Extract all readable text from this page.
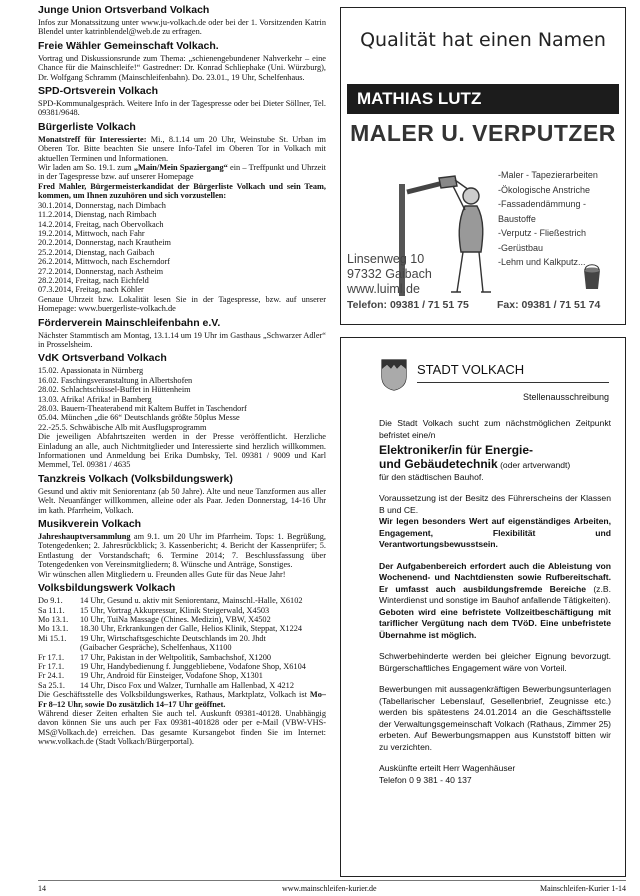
Junge Union Ortsverband Volkach

Infos zur Monatssitzung unter www.ju-volkach.de oder bei der 1. Vorsitzenden Katrin Blendel unter katrinblendel@web.de zu erfragen.

Freie Wähler Gemeinschaft Volkach.

Vortrag und Diskussionsrunde zum Thema: „schienengebundener Nahverkehr – eine Chance für die Mainschleife!“ Gastredner: Dr. Konrad Schliephake (Uni. Würzburg), Dr. Wolfgang Schramm (Mainschleifenbahn). Do. 23.01., 19 Uhr, Schelfenhaus.

SPD-Ortsverein Volkach

SPD-Kommunalgespräch. Weitere Info in der Tagespresse oder bei Dieter Söllner, Tel. 09381/9648.

Bürgerliste Volkach

Monatstreff für Interessierte: Mi., 8.1.14 um 20 Uhr, Weinstube St. Urban im Oberen Tor. Bitte beachten Sie unsere Info-Tafel im Oberen Tor in Volkach mit aktuellen Terminen und Informationen.

Wir laden am So. 19.1. zum „Main/Mein Spaziergang“ ein – Treffpunkt und Uhrzeit in der Tagespresse bzw. auf unserer Homepage

Fred Mahler, Bürgermeisterkandidat der Bürgerliste Volkach und sein Team, kommen, um Ihnen zuzuhören und sich vorzustellen:

30.1.2014, Donnerstag, nach Dimbach
11.2.2014, Dienstag, nach Rimbach
14.2.2014, Freitag, nach Obervolkach
19.2.2014, Mittwoch, nach Fahr
20.2.2014, Donnerstag, nach Krautheim
25.2.2014, Dienstag, nach Gaibach
26.2.2014, Mittwoch, nach Escherndorf
27.2.2014, Donnerstag, nach Astheim
28.2.2014, Freitag, nach Eichfeld
07.3.2014, Freitag, nach Köhler

Genaue Uhrzeit bzw. Lokalität lesen Sie in der Tagespresse, bzw. auf unserer Homepage: www.buergerliste-volkach.de

Förderverein Mainschleifenbahn e.V.

Nächster Stammtisch am Montag, 13.1.14 um 19 Uhr im Gasthaus „Schwarzer Adler“ in Prosselsheim.

VdK Ortsverband Volkach
15.02. Apassionata in Nürnberg
16.02. Faschingsveranstaltung in Albertshofen
28.02. Schlachtschüssel-Buffet in Hüttenheim
13.03. Afrika! Afrika! in Bamberg
28.03. Bauern-Theaterabend mit Kaltem Buffet in Taschendorf
05.04. München „die 66“ Deutschlands größte 50plus Messe
22.-25.5. Schwäbische Alb mit Ausflugsprogramm

Die jeweiligen Abfahrtszeiten werden in der Presse veröffentlicht. Herzliche Einladung an alle, auch Nichtmitglieder und Interessierte sind herzlich willkommen. Informationen und Anmeldung bei Erika Dumbsky, Tel. 09381 / 9009 und Karl Memmel, Tel. 09381 / 4635

Tanzkreis Volkach (Volksbildungswerk)

Gesund und aktiv mit Seniorentanz (ab 50 Jahre). Alte und neue Tanzformen aus aller Welt. Neuanfänger willkommen, alleine oder als Paar. Jeden Donnerstag, 14-16 Uhr im kath. Pfarrheim, Volkach.

Musikverein Volkach

Jahreshauptversammlung am 9.1. um 20 Uhr im Pfarrheim. Tops: 1. Begrüßung, Totengedenken; 2. Jahresrückblick; 3. Kassenbericht; 4. Bericht der Kassenprüfer; 5. Entlastung der Vorstandschaft; 6. Termine 2014; 7. Beschlussfassung über Totengedenken von Vereinsmitgliedern; 8. Wünsche und Anträge, Sonstiges.

Wir wünschen allen Mitgliedern u. Freunden alles Gute für das Neue Jahr!

Volksbildungswerk Volkach
Do 9.1.	14 Uhr, Gesund u. aktiv mit Seniorentanz, Mainschl.-Halle, X6102
Sa 11.1.	15 Uhr, Vortrag Akkupressur, Klinik Steigerwald, X4503
Mo 13.1.	10 Uhr, TuiNa Massage (Chines. Medizin), VBW, X4502
Mo 13.1.	18.30 Uhr, Erkrankungen der Galle, Helios Klinik, Steppat, X1224
Mi 15.1.	19 Uhr, Wirtschaftsgeschichte Deutschlands im 20. Jhdt
(Gaibacher Gespräche), Schelfenhaus, X1100
Fr 17.1.	17 Uhr, Pakistan in der Weltpolitik, Sambachshof, X1200
Fr 17.1.	19 Uhr, Handybedienung f. Junggebliebene, Vodafone Shop, X6104
Fr 24.1.	19 Uhr, Android für Einsteiger, Vodafone Shop, X1301
Sa 25.1.	14 Uhr, Disco Fox und Walzer, Turnhalle am Hallenbad, X 4212

Die Geschäftsstelle des Volksbildungswerkes, Rathaus, Marktplatz, Volkach ist Mo–Fr 8–12 Uhr, sowie Do zusätzlich 14–17 Uhr geöffnet.

Während dieser Zeiten erhalten Sie auch tel. Auskunft 09381-40128. Unabhängig davon können Sie uns auch per Fax 09381-401828 oder per e-Mail (VBW-VHS-MS@Volkach.de) erreichen. Das gesamte Kursangebot finden Sie im Internet: www.volkach.de (Stadt Volkach/Bürgerportal).

Qualität hat einen Namen
MATHIAS LUTZ
MALER U. VERPUTZER
-Maler - Tapezierarbeiten
-Ökologische Anstriche
-Fassadendämmung - Baustoffe
-Verputz - Fließestrich
-Gerüstbau
-Lehm und Kalkputz...
Linsenweg 10
97332 Gaibach
www.luiml.de
Telefon: 09381 / 71 51 75	Fax: 09381 / 71 51 74
STADT VOLKACH
Stellenausschreibung

Die Stadt Volkach sucht zum nächstmöglichen Zeitpunkt befristet eine/n

Elektroniker/in für Energie-
und Gebäudetechnik (oder artverwandt)

für den städtischen Bauhof.

Voraussetzung ist der Besitz des Führerscheins der Klassen B und CE.
Wir legen besonders Wert auf eigenständiges Arbeiten, Engagement, Flexibilität und Verantwortungsbewusstsein.

Der Aufgabenbereich erfordert auch die Ableistung von Wochenend- und Nachtdiensten sowie Rufbereitschaft. Er umfasst auch ausbildungsfremde Bereiche (z.B. Winterdienst und sonstige im Bauhof anfallende Tätigkeiten).
Geboten wird eine befristete Vollzeitbeschäftigung mit tariflicher Vergütung nach dem TVöD. Eine unbefristete Übernahme ist möglich.

Schwerbehinderte werden bei gleicher Eignung bevorzugt. Bürgerschaftliches Engagement wäre von Vorteil.

Bewerbungen mit aussagenkräftigen Bewerbungsunterlagen (Tabellarischer Lebenslauf, Gesellenbrief, Zeugnisse etc.) werden bis spätestens 24.01.2014 an die Geschäftsstelle der Verwaltungsgemeinschaft Volkach (Rathaus, Zimmer 25) erbeten. Auf Bewerbungsmappen aus Kunststoff bitten wir zu verzichten.

Auskünfte erteilt Herr Wagenhäuser
Telefon 0 9 381 - 40 137

14	www.mainschleifen-kurier.de	Mainschleifen-Kurier 1-14
